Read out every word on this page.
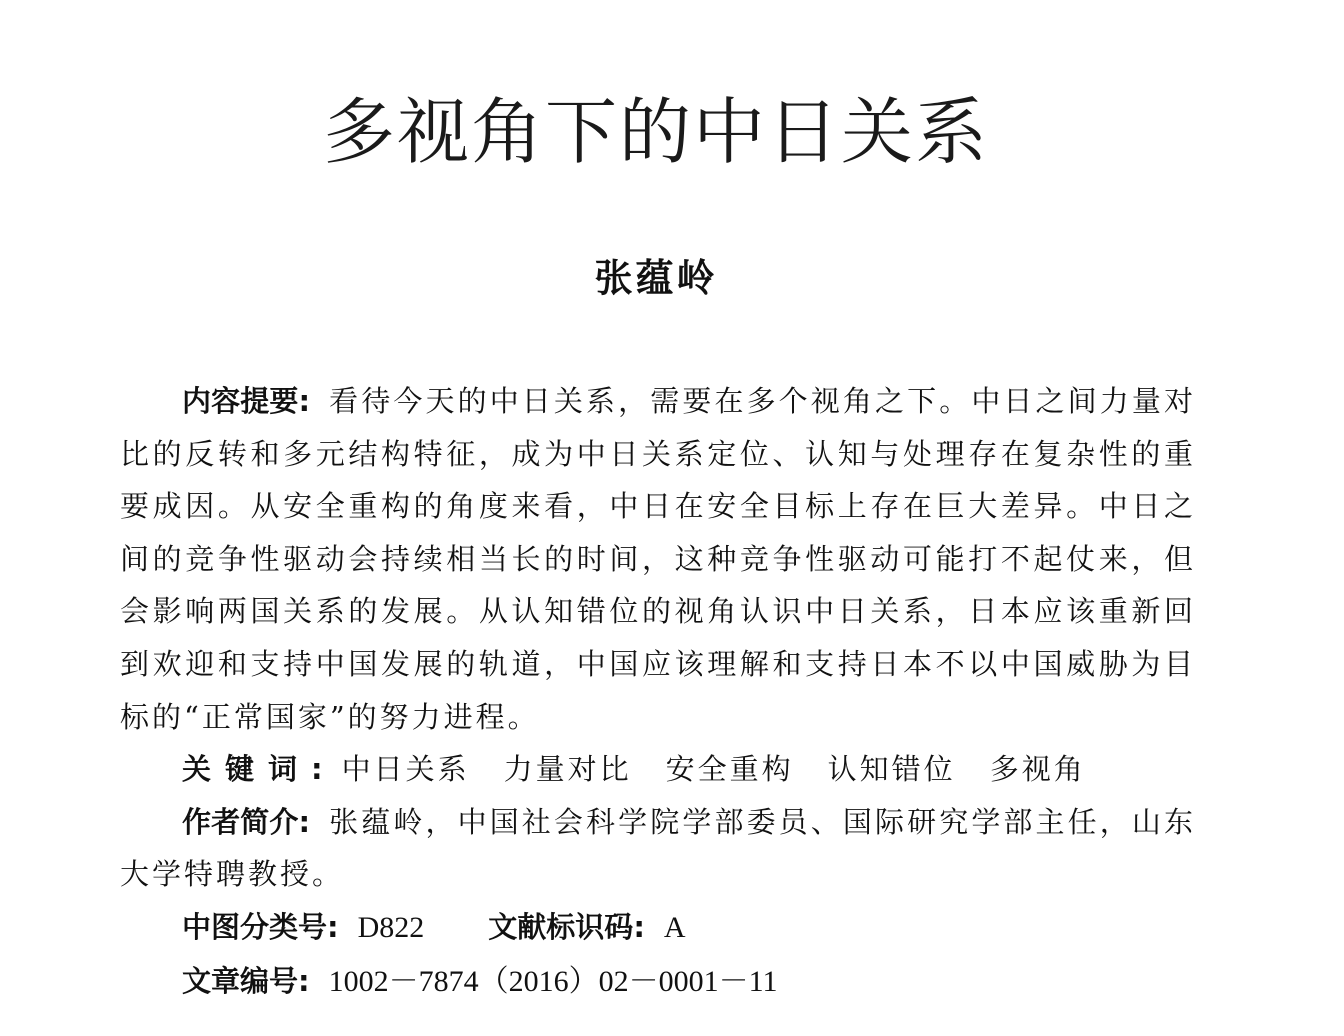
多视角下的中日关系
张蕴岭

内容提要: 看待今天的中日关系，需要在多个视角之下。中日之间力量对比的反转和多元结构特征，成为中日关系定位、认知与处理存在复杂性的重要成因。从安全重构的角度来看，中日在安全目标上存在巨大差异。中日之间的竞争性驱动会持续相当长的时间，这种竞争性驱动可能打不起仗来，但会影响两国关系的发展。从认知错位的视角认识中日关系，日本应该重新回到欢迎和支持中国发展的轨道，中国应该理解和支持日本不以中国威胁为目标的“正常国家”的努力进程。

关键词: 中日关系 力量对比 安全重构 认知错位 多视角

作者简介: 张蕴岭，中国社会科学院学部委员、国际研究学部主任，山东大学特聘教授。

中图分类号: D822 文献标识码: A

文章编号: 1002－7874（2016）02－0001－11
